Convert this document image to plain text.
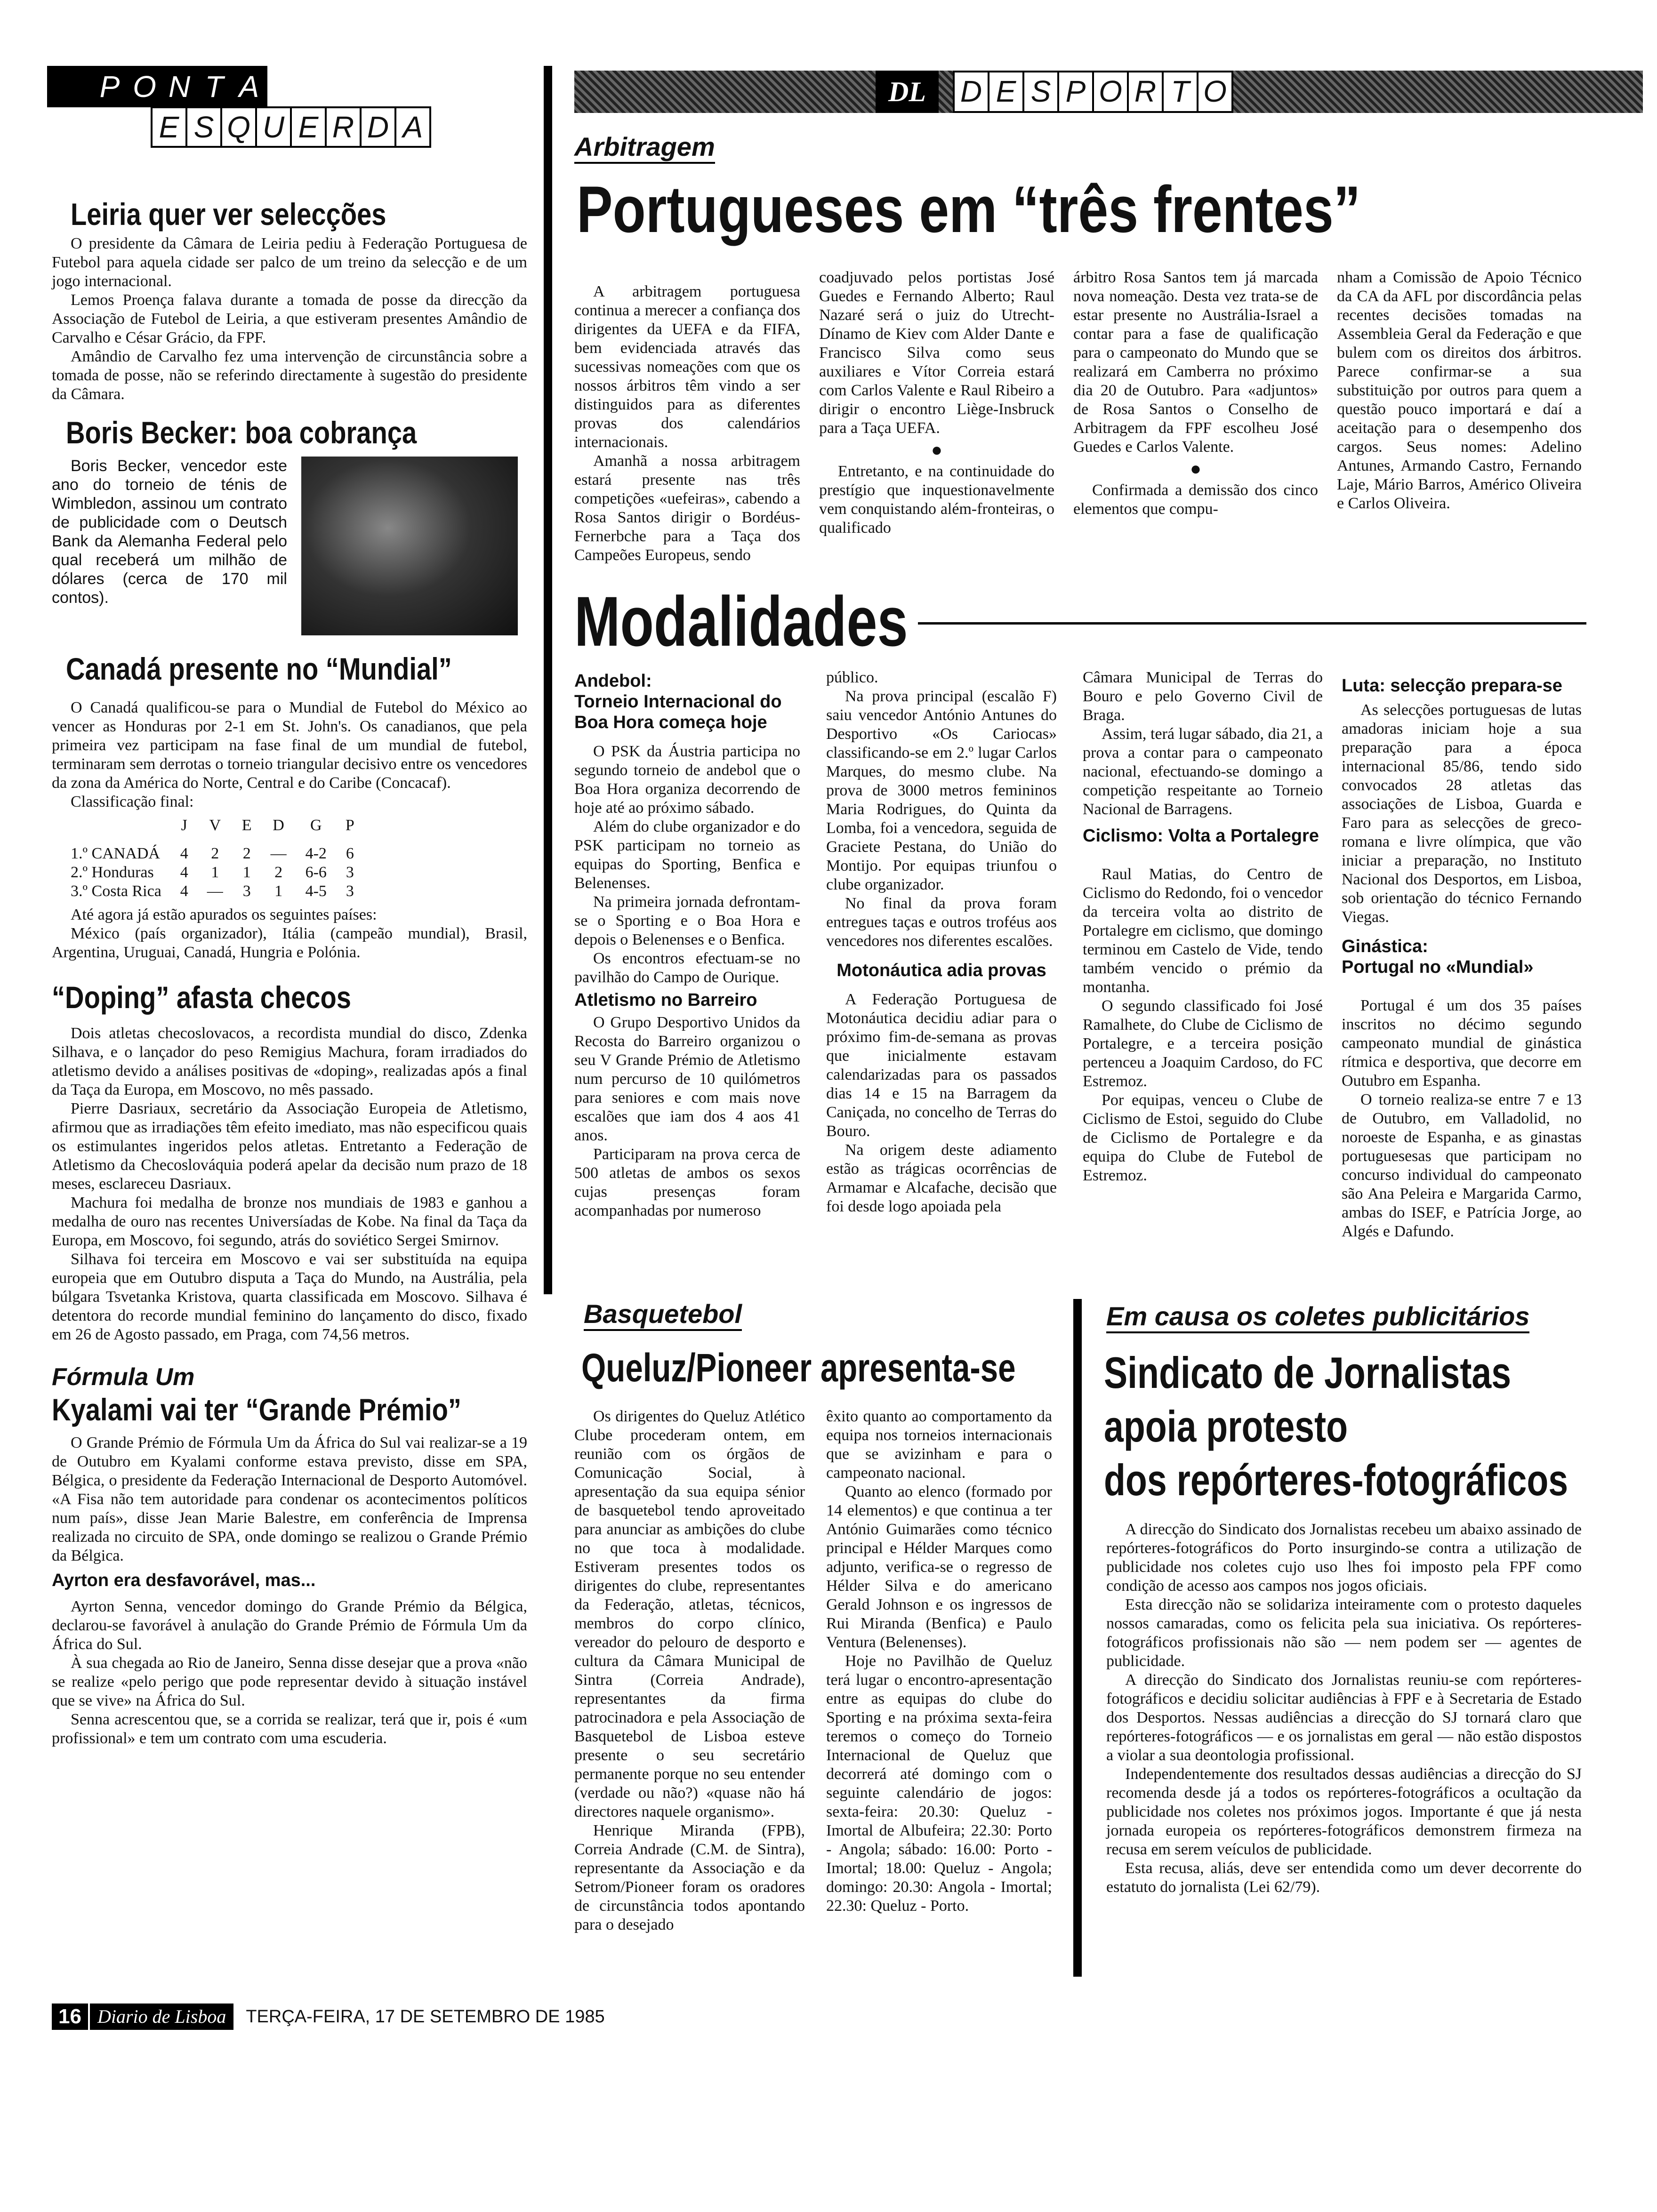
P O N T A
E S Q U E R D A
DL	D E S P O R T O
Leiria quer ver selecções

O presidente da Câmara de Leiria pediu à Federação Portuguesa de Futebol para aquela cidade ser palco de um treino da selecção e de um jogo internacional.

Lemos Proença falava durante a tomada de posse da direcção da Associação de Futebol de Leiria, a que estiveram presentes Amândio de Carvalho e César Grácio, da FPF.

Amândio de Carvalho fez uma intervenção de circunstância sobre a tomada de posse, não se referindo directamente à sugestão do presidente da Câmara.

Boris Becker: boa cobrança

Boris Becker, vencedor este ano do torneio de ténis de Wimbledon, assinou um contrato de publicidade com o Deutsch Bank da Alemanha Federal pelo qual receberá um milhão de dólares (cerca de 170 mil contos).

Canadá presente no “Mundial”

O Canadá qualificou-se para o Mundial de Futebol do México ao vencer as Honduras por 2-1 em St. John's. Os canadianos, que pela primeira vez participam na fase final de um mundial de futebol, terminaram sem derrotas o torneio triangular decisivo entre os vencedores da zona da América do Norte, Central e do Caribe (Concacaf).

Classificação final:

	J	V	E	D	G	P

1.º CANADÁ	4	2	2	—	4-2	6
2.º Honduras	4	1	1	2	6-6	3
3.º Costa Rica	4	—	3	1	4-5	3

Até agora já estão apurados os seguintes países:

México (país organizador), Itália (campeão mundial), Brasil, Argentina, Uruguai, Canadá, Hungria e Polónia.

“Doping” afasta checos

Dois atletas checoslovacos, a recordista mundial do disco, Zdenka Silhava, e o lançador do peso Remigius Machura, foram irradiados do atletismo devido a análises positivas de «doping», realizadas após a final da Taça da Europa, em Moscovo, no mês passado.

Pierre Dasriaux, secretário da Associação Europeia de Atletismo, afirmou que as irradiações têm efeito imediato, mas não especificou quais os estimulantes ingeridos pelos atletas. Entretanto a Federação de Atletismo da Checoslováquia poderá apelar da decisão num prazo de 18 meses, esclareceu Dasriaux.

Machura foi medalha de bronze nos mundiais de 1983 e ganhou a medalha de ouro nas recentes Universíadas de Kobe. Na final da Taça da Europa, em Moscovo, foi segundo, atrás do soviético Sergei Smirnov.

Silhava foi terceira em Moscovo e vai ser substituída na equipa europeia que em Outubro disputa a Taça do Mundo, na Austrália, pela búlgara Tsvetanka Kristova, quarta classificada em Moscovo. Silhava é detentora do recorde mundial feminino do lançamento do disco, fixado em 26 de Agosto passado, em Praga, com 74,56 metros.

Fórmula Um
Kyalami vai ter “Grande Prémio”

O Grande Prémio de Fórmula Um da África do Sul vai realizar-se a 19 de Outubro em Kyalami conforme estava previsto, disse em SPA, Bélgica, o presidente da Federação Internacional de Desporto Automóvel. «A Fisa não tem autoridade para condenar os acontecimentos políticos num país», disse Jean Marie Balestre, em conferência de Imprensa realizada no circuito de SPA, onde domingo se realizou o Grande Prémio da Bélgica.

Ayrton era desfavorável, mas...

Ayrton Senna, vencedor domingo do Grande Prémio da Bélgica, declarou-se favorável à anulação do Grande Prémio de Fórmula Um da África do Sul.

À sua chegada ao Rio de Janeiro, Senna disse desejar que a prova «não se realize «pelo perigo que pode representar devido à situação instável que se vive» na África do Sul.

Senna acrescentou que, se a corrida se realizar, terá que ir, pois é «um profissional» e tem um contrato com uma escuderia.

Arbitragem
Portugueses em “três frentes”

A arbitragem portuguesa continua a merecer a confiança dos dirigentes da UEFA e da FIFA, bem evidenciada através das sucessivas nomeações com que os nossos árbitros têm vindo a ser distinguidos para as diferentes provas dos calendários internacionais.

Amanhã a nossa arbitragem estará presente nas três competições «uefeiras», cabendo a Rosa Santos dirigir o Bordéus-Fernerbche para a Taça dos Campeões Europeus, sendo

coadjuvado pelos portistas José Guedes e Fernando Alberto; Raul Nazaré será o juiz do Utrecht-Dínamo de Kiev com Alder Dante e Francisco Silva como seus auxiliares e Vítor Correia estará com Carlos Valente e Raul Ribeiro a dirigir o encontro Liège-Insbruck para a Taça UEFA.

●

Entretanto, e na continuidade do prestígio que inquestionavelmente vem conquistando além-fronteiras, o qualificado

árbitro Rosa Santos tem já marcada nova nomeação. Desta vez trata-se de estar presente no Austrália-Israel a contar para a fase de qualificação para o campeonato do Mundo que se realizará em Camberra no próximo dia 20 de Outubro. Para «adjuntos» de Rosa Santos o Conselho de Arbitragem da FPF escolheu José Guedes e Carlos Valente.

●

Confirmada a demissão dos cinco elementos que compu-

nham a Comissão de Apoio Técnico da CA da AFL por discordância pelas recentes decisões tomadas na Assembleia Geral da Federação e que bulem com os direitos dos árbitros. Parece confirmar-se a sua substituição por outros para quem a questão pouco importará e daí a aceitação para o desempenho dos cargos. Seus nomes: Adelino Antunes, Armando Castro, Fernando Laje, Mário Barros, Américo Oliveira e Carlos Oliveira.

Modalidades
Andebol:
Torneio Internacional do Boa Hora começa hoje

O PSK da Áustria participa no segundo torneio de andebol que o Boa Hora organiza decorrendo de hoje até ao próximo sábado.

Além do clube organizador e do PSK participam no torneio as equipas do Sporting, Benfica e Belenenses.

Na primeira jornada defrontam-se o Sporting e o Boa Hora e depois o Belenenses e o Benfica.

Os encontros efectuam-se no pavilhão do Campo de Ourique.

Atletismo no Barreiro

O Grupo Desportivo Unidos da Recosta do Barreiro organizou o seu V Grande Prémio de Atletismo num percurso de 10 quilómetros para seniores e com mais nove escalões que iam dos 4 aos 41 anos.

Participaram na prova cerca de 500 atletas de ambos os sexos cujas presenças foram acompanhadas por numeroso

público.

Na prova principal (escalão F) saiu vencedor António Antunes do Desportivo «Os Cariocas» classificando-se em 2.º lugar Carlos Marques, do mesmo clube. Na prova de 3000 metros femininos Maria Rodrigues, do Quinta da Lomba, foi a vencedora, seguida de Graciete Pestana, do União do Montijo. Por equipas triunfou o clube organizador.

No final da prova foram entregues taças e outros troféus aos vencedores nos diferentes escalões.

Motonáutica adia provas

A Federação Portuguesa de Motonáutica decidiu adiar para o próximo fim-de-semana as provas que inicialmente estavam calendarizadas para os passados dias 14 e 15 na Barragem da Caniçada, no concelho de Terras do Bouro.

Na origem deste adiamento estão as trágicas ocorrências de Armamar e Alcafache, decisão que foi desde logo apoiada pela

Câmara Municipal de Terras do Bouro e pelo Governo Civil de Braga.

Assim, terá lugar sábado, dia 21, a prova a contar para o campeonato nacional, efectuando-se domingo a competição respeitante ao Torneio Nacional de Barragens.

Ciclismo: Volta a Portalegre

Raul Matias, do Centro de Ciclismo do Redondo, foi o vencedor da terceira volta ao distrito de Portalegre em ciclismo, que domingo terminou em Castelo de Vide, tendo também vencido o prémio da montanha.

O segundo classificado foi José Ramalhete, do Clube de Ciclismo de Portalegre, e a terceira posição pertenceu a Joaquim Cardoso, do FC Estremoz.

Por equipas, venceu o Clube de Ciclismo de Estoi, seguido do Clube de Ciclismo de Portalegre e da equipa do Clube de Futebol de Estremoz.

Luta: selecção prepara-se

As selecções portuguesas de lutas amadoras iniciam hoje a sua preparação para a época internacional 85/86, tendo sido convocados 28 atletas das associações de Lisboa, Guarda e Faro para as selecções de greco-romana e livre olímpica, que vão iniciar a preparação, no Instituto Nacional dos Desportos, em Lisboa, sob orientação do técnico Fernando Viegas.

Ginástica:
Portugal no «Mundial»

Portugal é um dos 35 países inscritos no décimo segundo campeonato mundial de ginástica rítmica e desportiva, que decorre em Outubro em Espanha.

O torneio realiza-se entre 7 e 13 de Outubro, em Valladolid, no noroeste de Espanha, e as ginastas portuguesesas que participam no concurso individual do campeonato são Ana Peleira e Margarida Carmo, ambas do ISEF, e Patrícia Jorge, ao Algés e Dafundo.

Basquetebol
Queluz/Pioneer apresenta-se

Os dirigentes do Queluz Atlético Clube procederam ontem, em reunião com os órgãos de Comunicação Social, à apresentação da sua equipa sénior de basquetebol tendo aproveitado para anunciar as ambições do clube no que toca à modalidade. Estiveram presentes todos os dirigentes do clube, representantes da Federação, atletas, técnicos, membros do corpo clínico, vereador do pelouro de desporto e cultura da Câmara Municipal de Sintra (Correia Andrade), representantes da firma patrocinadora e pela Associação de Basquetebol de Lisboa esteve presente o seu secretário permanente porque no seu entender (verdade ou não?) «quase não há directores naquele organismo».

Henrique Miranda (FPB), Correia Andrade (C.M. de Sintra), representante da Associação e da Setrom/Pioneer foram os oradores de circunstância todos apontando para o desejado

êxito quanto ao comportamento da equipa nos torneios internacionais que se avizinham e para o campeonato nacional.

Quanto ao elenco (formado por 14 elementos) e que continua a ter António Guimarães como técnico principal e Hélder Marques como adjunto, verifica-se o regresso de Hélder Silva e do americano Gerald Johnson e os ingressos de Rui Miranda (Benfica) e Paulo Ventura (Belenenses).

Hoje no Pavilhão de Queluz terá lugar o encontro-apresentação entre as equipas do clube do Sporting e na próxima sexta-feira teremos o começo do Torneio Internacional de Queluz que decorrerá até domingo com o seguinte calendário de jogos: sexta-feira: 20.30: Queluz - Imortal de Albufeira; 22.30: Porto - Angola; sábado: 16.00: Porto - Imortal; 18.00: Queluz - Angola; domingo: 20.30: Angola - Imortal; 22.30: Queluz - Porto.

Em causa os coletes publicitários
Sindicato de Jornalistas
apoia protesto
dos repórteres-fotográficos

A direcção do Sindicato dos Jornalistas recebeu um abaixo assinado de repórteres-fotográficos do Porto insurgindo-se contra a utilização de publicidade nos coletes cujo uso lhes foi imposto pela FPF como condição de acesso aos campos nos jogos oficiais.

Esta direcção não se solidariza inteiramente com o protesto daqueles nossos camaradas, como os felicita pela sua iniciativa. Os repórteres-fotográficos profissionais não são — nem podem ser — agentes de publicidade.

A direcção do Sindicato dos Jornalistas reuniu-se com repórteres-fotográficos e decidiu solicitar audiências à FPF e à Secretaria de Estado dos Desportos. Nessas audiências a direcção do SJ tornará claro que repórteres-fotográficos — e os jornalistas em geral — não estão dispostos a violar a sua deontologia profissional.

Independentemente dos resultados dessas audiências a direcção do SJ recomenda desde já a todos os repórteres-fotográficos a ocultação da publicidade nos coletes nos próximos jogos. Importante é que já nesta jornada europeia os repórteres-fotográficos demonstrem firmeza na recusa em serem veículos de publicidade.

Esta recusa, aliás, deve ser entendida como um dever decorrente do estatuto do jornalista (Lei 62/79).

16 Diario de Lisboa	TERÇA-FEIRA, 17 DE SETEMBRO DE 1985
